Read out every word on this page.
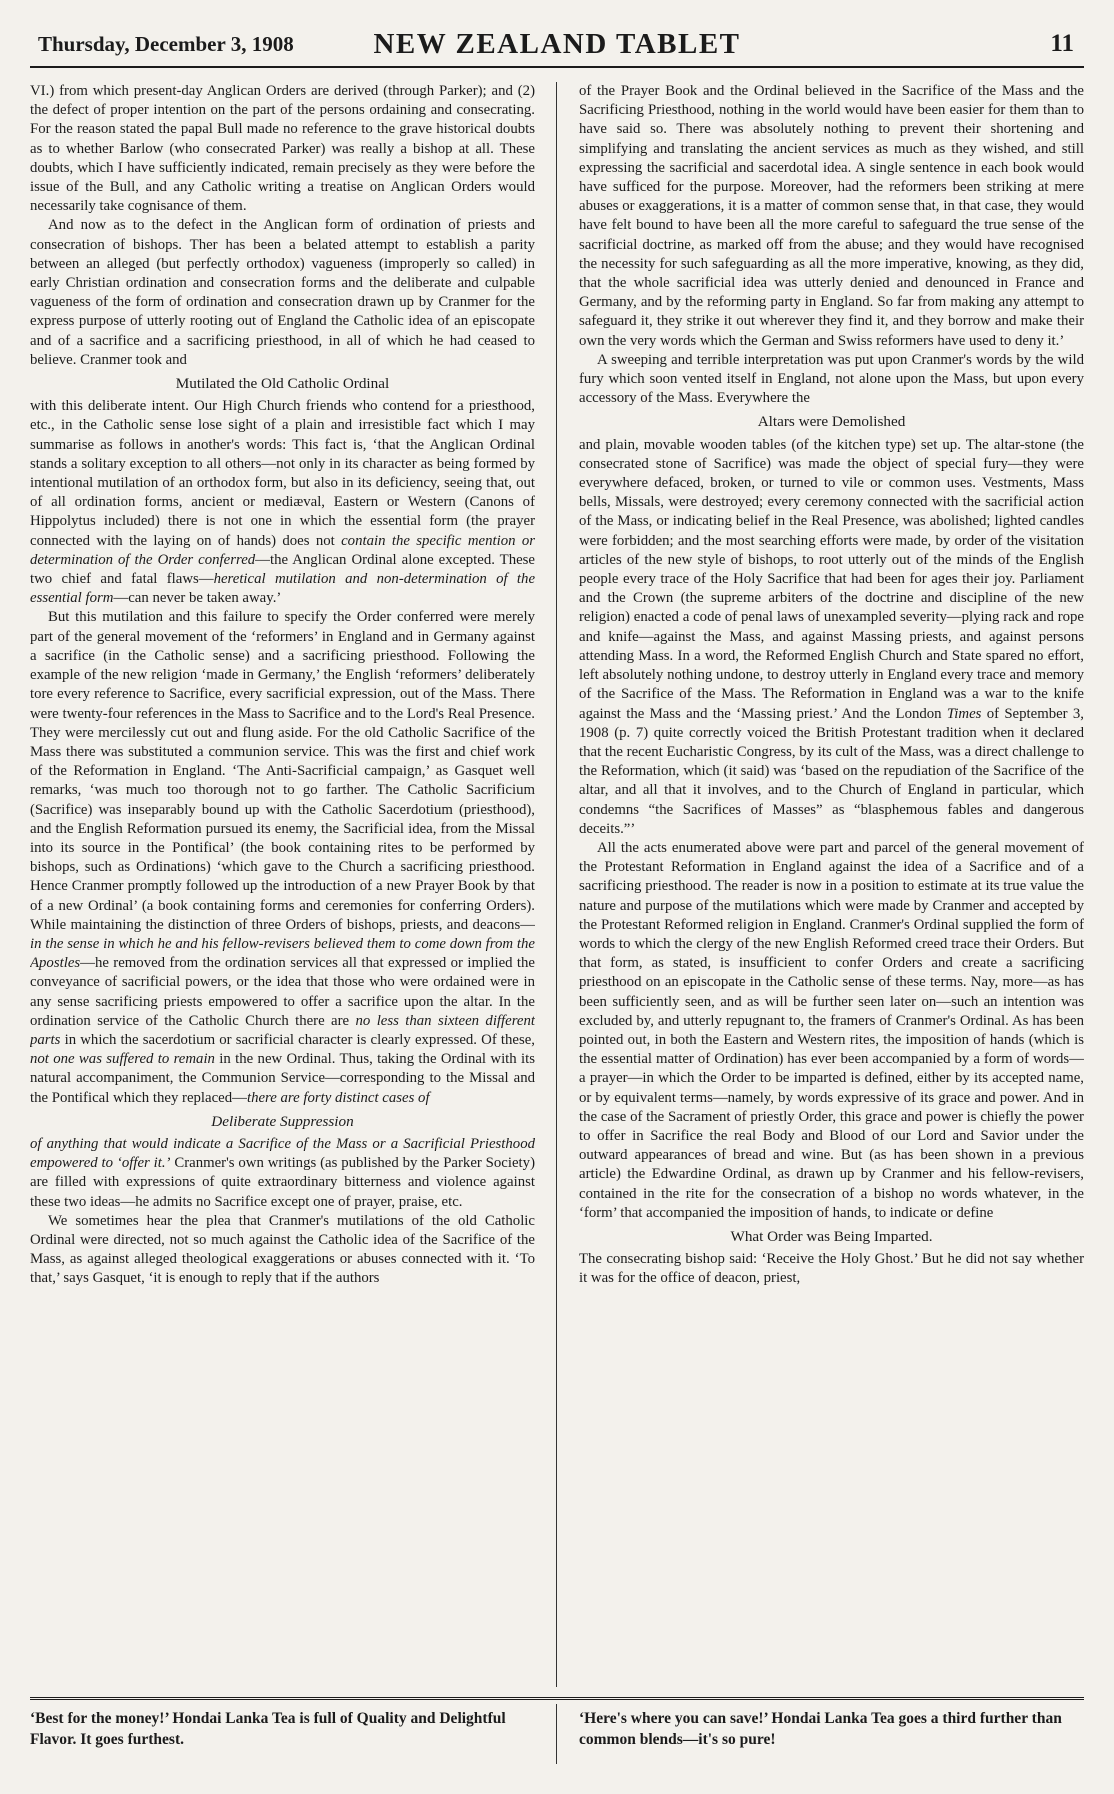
Thursday, December 3, 1908	NEW ZEALAND TABLET	11

VI.) from which present-day Anglican Orders are derived (through Parker); and (2) the defect of proper intention on the part of the persons ordaining and consecrating. For the reason stated the papal Bull made no reference to the grave historical doubts as to whether Barlow (who consecrated Parker) was really a bishop at all. These doubts, which I have sufficiently indicated, remain precisely as they were before the issue of the Bull, and any Catholic writing a treatise on Anglican Orders would necessarily take cognisance of them.

And now as to the defect in the Anglican form of ordination of priests and consecration of bishops. Ther has been a belated attempt to establish a parity between an alleged (but perfectly orthodox) vagueness (improperly so called) in early Christian ordination and consecration forms and the deliberate and culpable vagueness of the form of ordination and consecration drawn up by Cranmer for the express purpose of utterly rooting out of England the Catholic idea of an episcopate and of a sacrifice and a sacrificing priesthood, in all of which he had ceased to believe. Cranmer took and

Mutilated the Old Catholic Ordinal

with this deliberate intent. Our High Church friends who contend for a priesthood, etc., in the Catholic sense lose sight of a plain and irresistible fact which I may summarise as follows in another's words: This fact is, ‘that the Anglican Ordinal stands a solitary exception to all others—not only in its character as being formed by intentional mutilation of an orthodox form, but also in its deficiency, seeing that, out of all ordination forms, ancient or mediæval, Eastern or Western (Canons of Hippolytus included) there is not one in which the essential form (the prayer connected with the laying on of hands) does not contain the specific mention or determination of the Order conferred—the Anglican Ordinal alone excepted. These two chief and fatal flaws—heretical mutilation and non-determination of the essential form—can never be taken away.’

But this mutilation and this failure to specify the Order conferred were merely part of the general movement of the ‘reformers’ in England and in Germany against a sacrifice (in the Catholic sense) and a sacrificing priesthood. Following the example of the new religion ‘made in Germany,’ the English ‘reformers’ deliberately tore every reference to Sacrifice, every sacrificial expression, out of the Mass. There were twenty-four references in the Mass to Sacrifice and to the Lord's Real Presence. They were mercilessly cut out and flung aside. For the old Catholic Sacrifice of the Mass there was substituted a communion service. This was the first and chief work of the Reformation in England. ‘The Anti-Sacrificial campaign,’ as Gasquet well remarks, ‘was much too thorough not to go farther. The Catholic Sacrificium (Sacrifice) was inseparably bound up with the Catholic Sacerdotium (priesthood), and the English Reformation pursued its enemy, the Sacrificial idea, from the Missal into its source in the Pontifical’ (the book containing rites to be performed by bishops, such as Ordinations) ‘which gave to the Church a sacrificing priesthood. Hence Cranmer promptly followed up the introduction of a new Prayer Book by that of a new Ordinal’ (a book containing forms and ceremonies for conferring Orders). While maintaining the distinction of three Orders of bishops, priests, and deacons—in the sense in which he and his fellow-revisers believed them to come down from the Apostles—he removed from the ordination services all that expressed or implied the conveyance of sacrificial powers, or the idea that those who were ordained were in any sense sacrificing priests empowered to offer a sacrifice upon the altar. In the ordination service of the Catholic Church there are no less than sixteen different parts in which the sacerdotium or sacrificial character is clearly expressed. Of these, not one was suffered to remain in the new Ordinal. Thus, taking the Ordinal with its natural accompaniment, the Communion Service—corresponding to the Missal and the Pontifical which they replaced—there are forty distinct cases of

Deliberate Suppression

of anything that would indicate a Sacrifice of the Mass or a Sacrificial Priesthood empowered to ‘offer it.’ Cranmer's own writings (as published by the Parker Society) are filled with expressions of quite extraordinary bitterness and violence against these two ideas—he admits no Sacrifice except one of prayer, praise, etc.

We sometimes hear the plea that Cranmer's mutilations of the old Catholic Ordinal were directed, not so much against the Catholic idea of the Sacrifice of the Mass, as against alleged theological exaggerations or abuses connected with it. ‘To that,’ says Gasquet, ‘it is enough to reply that if the authors

of the Prayer Book and the Ordinal believed in the Sacrifice of the Mass and the Sacrificing Priesthood, nothing in the world would have been easier for them than to have said so. There was absolutely nothing to prevent their shortening and simplifying and translating the ancient services as much as they wished, and still expressing the sacrificial and sacerdotal idea. A single sentence in each book would have sufficed for the purpose. Moreover, had the reformers been striking at mere abuses or exaggerations, it is a matter of common sense that, in that case, they would have felt bound to have been all the more careful to safeguard the true sense of the sacrificial doctrine, as marked off from the abuse; and they would have recognised the necessity for such safeguarding as all the more imperative, knowing, as they did, that the whole sacrificial idea was utterly denied and denounced in France and Germany, and by the reforming party in England. So far from making any attempt to safeguard it, they strike it out wherever they find it, and they borrow and make their own the very words which the German and Swiss reformers have used to deny it.’

A sweeping and terrible interpretation was put upon Cranmer's words by the wild fury which soon vented itself in England, not alone upon the Mass, but upon every accessory of the Mass. Everywhere the

Altars were Demolished

and plain, movable wooden tables (of the kitchen type) set up. The altar-stone (the consecrated stone of Sacrifice) was made the object of special fury—they were everywhere defaced, broken, or turned to vile or common uses. Vestments, Mass bells, Missals, were destroyed; every ceremony connected with the sacrificial action of the Mass, or indicating belief in the Real Presence, was abolished; lighted candles were forbidden; and the most searching efforts were made, by order of the visitation articles of the new style of bishops, to root utterly out of the minds of the English people every trace of the Holy Sacrifice that had been for ages their joy. Parliament and the Crown (the supreme arbiters of the doctrine and discipline of the new religion) enacted a code of penal laws of unexampled severity—plying rack and rope and knife—against the Mass, and against Massing priests, and against persons attending Mass. In a word, the Reformed English Church and State spared no effort, left absolutely nothing undone, to destroy utterly in England every trace and memory of the Sacrifice of the Mass. The Reformation in England was a war to the knife against the Mass and the ‘Massing priest.’ And the London Times of September 3, 1908 (p. 7) quite correctly voiced the British Protestant tradition when it declared that the recent Eucharistic Congress, by its cult of the Mass, was a direct challenge to the Reformation, which (it said) was ‘based on the repudiation of the Sacrifice of the altar, and all that it involves, and to the Church of England in particular, which condemns “the Sacrifices of Masses” as “blasphemous fables and dangerous deceits.”’

All the acts enumerated above were part and parcel of the general movement of the Protestant Reformation in England against the idea of a Sacrifice and of a sacrificing priesthood. The reader is now in a position to estimate at its true value the nature and purpose of the mutilations which were made by Cranmer and accepted by the Protestant Reformed religion in England. Cranmer's Ordinal supplied the form of words to which the clergy of the new English Reformed creed trace their Orders. But that form, as stated, is insufficient to confer Orders and create a sacrificing priesthood on an episcopate in the Catholic sense of these terms. Nay, more—as has been sufficiently seen, and as will be further seen later on—such an intention was excluded by, and utterly repugnant to, the framers of Cranmer's Ordinal. As has been pointed out, in both the Eastern and Western rites, the imposition of hands (which is the essential matter of Ordination) has ever been accompanied by a form of words—a prayer—in which the Order to be imparted is defined, either by its accepted name, or by equivalent terms—namely, by words expressive of its grace and power. And in the case of the Sacrament of priestly Order, this grace and power is chiefly the power to offer in Sacrifice the real Body and Blood of our Lord and Savior under the outward appearances of bread and wine. But (as has been shown in a previous article) the Edwardine Ordinal, as drawn up by Cranmer and his fellow-revisers, contained in the rite for the consecration of a bishop no words whatever, in the ‘form’ that accompanied the imposition of hands, to indicate or define

What Order was Being Imparted.

The consecrating bishop said: ‘Receive the Holy Ghost.’ But he did not say whether it was for the office of deacon, priest,

‘Best for the money!’ Hondai Lanka Tea is full of Quality and Delightful Flavor. It goes furthest.
‘Here's where you can save!’ Hondai Lanka Tea goes a third further than common blends—it's so pure!
